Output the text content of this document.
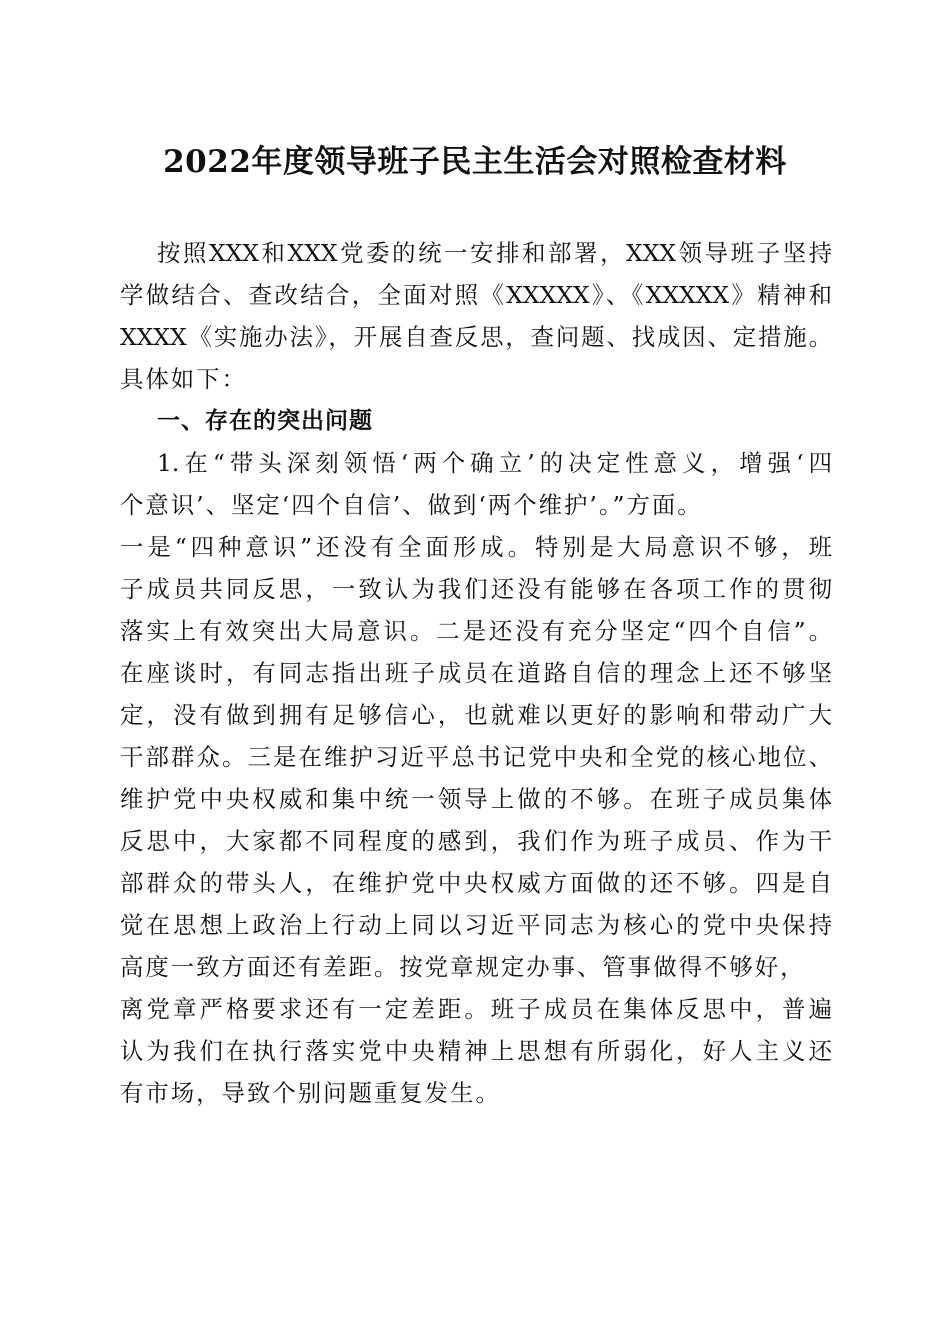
2022年度领导班子民主生活会对照检查材料
按照XXX和XXX党委的统一安排和部署，XXX领导班子坚持
学做结合、查改结合，全面对照《XXXXX》、《XXXXX》精神和
XXXX《实施办法》，开展自查反思，查问题、找成因、定措施。
具体如下：
一、存在的突出问题
1.在“带头深刻领悟‘两个确立’的决定性意义，增强‘四
个意识’、坚定‘四个自信’、做到‘两个维护’。”方面。
一是“四种意识”还没有全面形成。特别是大局意识不够，班
子成员共同反思，一致认为我们还没有能够在各项工作的贯彻
落实上有效突出大局意识。二是还没有充分坚定“四个自信”。
在座谈时，有同志指出班子成员在道路自信的理念上还不够坚
定，没有做到拥有足够信心，也就难以更好的影响和带动广大
干部群众。三是在维护习近平总书记党中央和全党的核心地位、
维护党中央权威和集中统一领导上做的不够。在班子成员集体
反思中，大家都不同程度的感到，我们作为班子成员、作为干
部群众的带头人，在维护党中央权威方面做的还不够。四是自
觉在思想上政治上行动上同以习近平同志为核心的党中央保持
高度一致方面还有差距。按党章规定办事、管事做得不够好，
离党章严格要求还有一定差距。班子成员在集体反思中，普遍
认为我们在执行落实党中央精神上思想有所弱化，好人主义还
有市场，导致个别问题重复发生。
